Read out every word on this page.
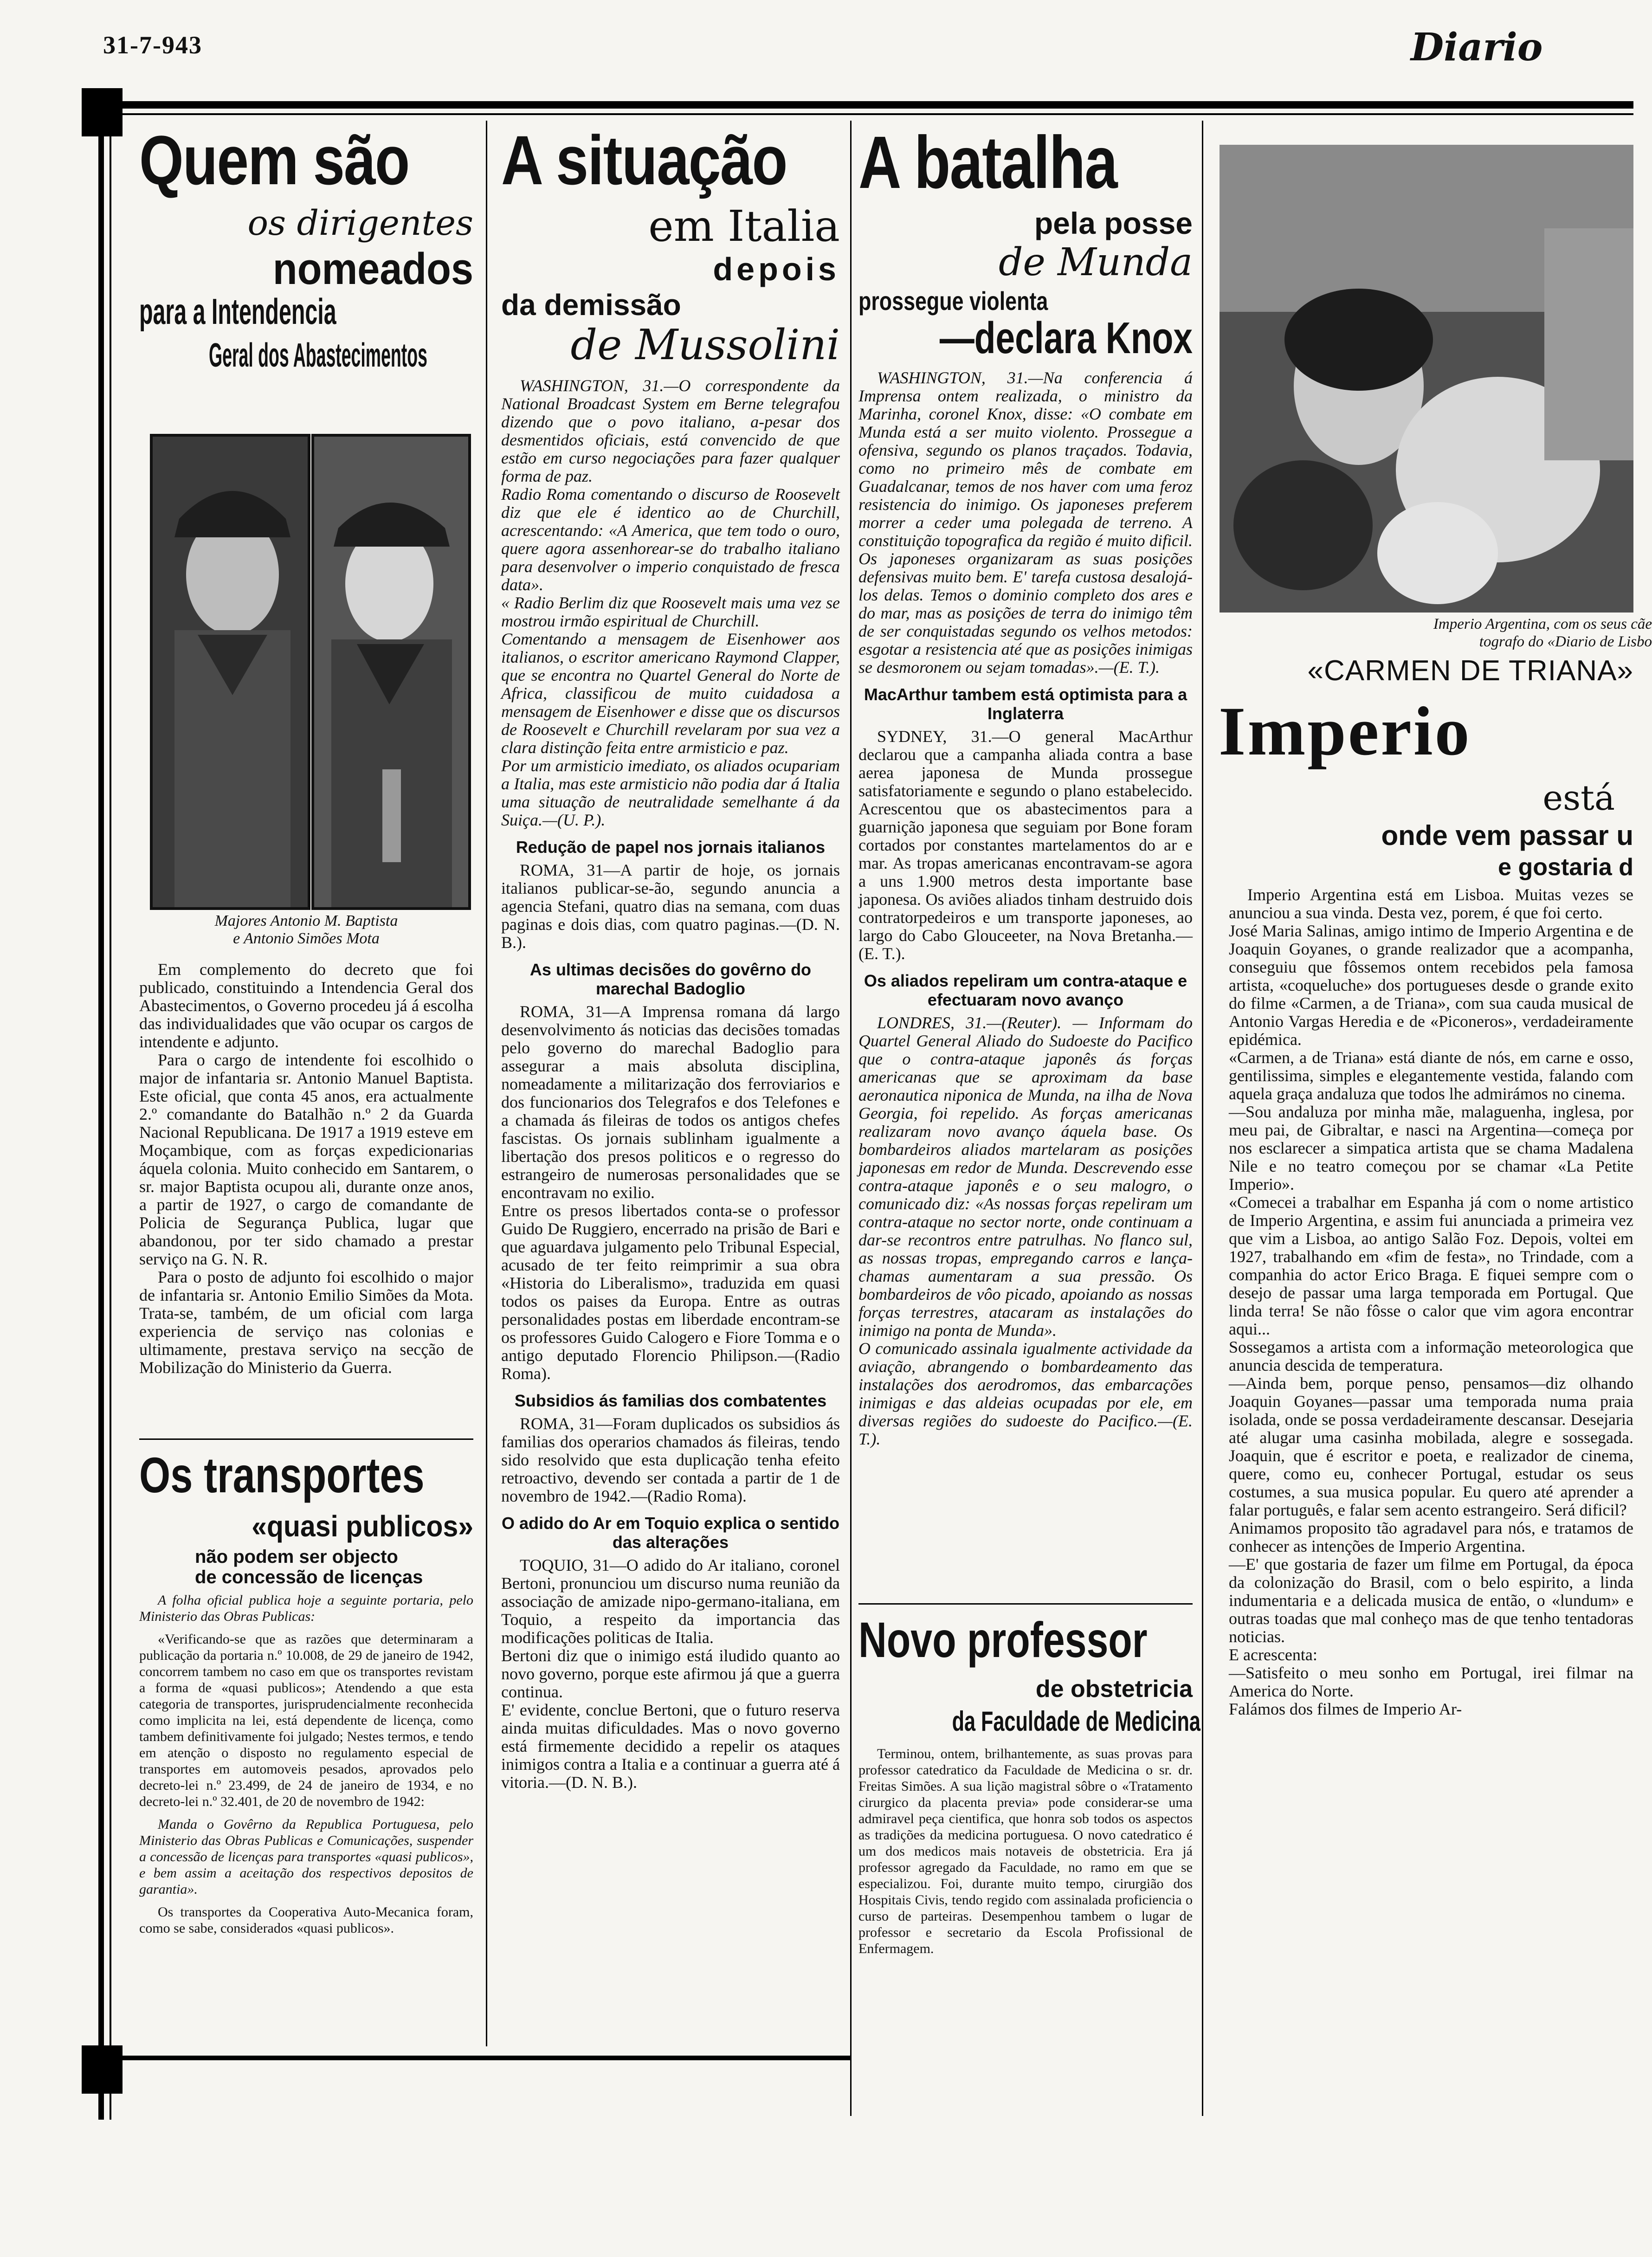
31-7-943	Diario
Quem são
os dirigentes
nomeados
para a Intendencia
Geral dos Abastecimentos
Majores Antonio M. Baptista
e Antonio Simões Mota

Em complemento do decreto que foi publicado, constituindo a Intendencia Geral dos Abastecimentos, o Governo procedeu já á escolha das individualidades que vão ocupar os cargos de intendente e adjunto.

Para o cargo de intendente foi escolhido o major de infantaria sr. Antonio Manuel Baptista. Este oficial, que conta 45 anos, era actualmente 2.º comandante do Batalhão n.º 2 da Guarda Nacional Republicana. De 1917 a 1919 esteve em Moçambique, com as forças expedicionarias áquela colonia. Muito conhecido em Santarem, o sr. major Baptista ocupou ali, durante onze anos, a partir de 1927, o cargo de comandante de Policia de Segurança Publica, lugar que abandonou, por ter sido chamado a prestar serviço na G. N. R.

Para o posto de adjunto foi escolhido o major de infantaria sr. Antonio Emilio Simões da Mota. Trata-se, também, de um oficial com larga experiencia de serviço nas colonias e ultimamente, prestava serviço na secção de Mobilização do Ministerio da Guerra.

Os transportes
«quasi publicos»
não podem ser objecto
de concessão de licenças

A folha oficial publica hoje a seguinte portaria, pelo Ministerio das Obras Publicas:

«Verificando-se que as razões que determinaram a publicação da portaria n.º 10.008, de 29 de janeiro de 1942, concorrem tambem no caso em que os transportes revistam a forma de «quasi publicos»; Atendendo a que esta categoria de transportes, jurisprudencialmente reconhecida como implicita na lei, está dependente de licença, como tambem definitivamente foi julgado; Nestes termos, e tendo em atenção o disposto no regulamento especial de transportes em automoveis pesados, aprovados pelo decreto-lei n.º 23.499, de 24 de janeiro de 1934, e no decreto-lei n.º 32.401, de 20 de novembro de 1942:

Manda o Govêrno da Republica Portuguesa, pelo Ministerio das Obras Publicas e Comunicações, suspender a concessão de licenças para transportes «quasi publicos», e bem assim a aceitação dos respectivos depositos de garantia».

Os transportes da Cooperativa Auto-Mecanica foram, como se sabe, considerados «quasi publicos».

A situação
em Italia
depois
da demissão
de Mussolini

WASHINGTON, 31.—O correspondente da National Broadcast System em Berne telegrafou dizendo que o povo italiano, a-pesar dos desmentidos oficiais, está convencido de que estão em curso negociações para fazer qualquer forma de paz.
Radio Roma comentando o discurso de Roosevelt diz que ele é identico ao de Churchill, acrescentando: «A America, que tem todo o ouro, quere agora assenhorear-se do trabalho italiano para desenvolver o imperio conquistado de fresca data».
« Radio Berlim diz que Roosevelt mais uma vez se mostrou irmão espiritual de Churchill.
Comentando a mensagem de Eisenhower aos italianos, o escritor americano Raymond Clapper, que se encontra no Quartel General do Norte de Africa, classificou de muito cuidadosa a mensagem de Eisenhower e disse que os discursos de Roosevelt e Churchill revelaram por sua vez a clara distinção feita entre armisticio e paz.
Por um armisticio imediato, os aliados ocupariam a Italia, mas este armisticio não podia dar á Italia uma situação de neutralidade semelhante á da Suiça.—(U. P.).

Redução de papel nos jornais italianos

ROMA, 31—A partir de hoje, os jornais italianos publicar-se-ão, segundo anuncia a agencia Stefani, quatro dias na semana, com duas paginas e dois dias, com quatro paginas.—(D. N. B.).

As ultimas decisões do govêrno do marechal Badoglio

ROMA, 31—A Imprensa romana dá largo desenvolvimento ás noticias das decisões tomadas pelo governo do marechal Badoglio para assegurar a mais absoluta disciplina, nomeadamente a militarização dos ferroviarios e dos funcionarios dos Telegrafos e dos Telefones e a chamada ás fileiras de todos os antigos chefes fascistas. Os jornais sublinham igualmente a libertação dos presos politicos e o regresso do estrangeiro de numerosas personalidades que se encontravam no exilio.
Entre os presos libertados conta-se o professor Guido De Ruggiero, encerrado na prisão de Bari e que aguardava julgamento pelo Tribunal Especial, acusado de ter feito reimprimir a sua obra «Historia do Liberalismo», traduzida em quasi todos os paises da Europa. Entre as outras personalidades postas em liberdade encontram-se os professores Guido Calogero e Fiore Tomma e o antigo deputado Florencio Philipson.—(Radio Roma).

Subsidios ás familias dos combatentes

ROMA, 31—Foram duplicados os subsidios ás familias dos operarios chamados ás fileiras, tendo sido resolvido que esta duplicação tenha efeito retroactivo, devendo ser contada a partir de 1 de novembro de 1942.—(Radio Roma).

O adido do Ar em Toquio explica o sentido das alterações

TOQUIO, 31—O adido do Ar italiano, coronel Bertoni, pronunciou um discurso numa reunião da associação de amizade nipo-germano-italiana, em Toquio, a respeito da importancia das modificações politicas de Italia.
Bertoni diz que o inimigo está iludido quanto ao novo governo, porque este afirmou já que a guerra continua.
E' evidente, conclue Bertoni, que o futuro reserva ainda muitas dificuldades. Mas o novo governo está firmemente decidido a repelir os ataques inimigos contra a Italia e a continuar a guerra até á vitoria.—(D. N. B.).

A batalha
pela posse
de Munda
prossegue violenta
—declara Knox

WASHINGTON, 31.—Na conferencia á Imprensa ontem realizada, o ministro da Marinha, coronel Knox, disse: «O combate em Munda está a ser muito violento. Prossegue a ofensiva, segundo os planos traçados. Todavia, como no primeiro mês de combate em Guadalcanar, temos de nos haver com uma feroz resistencia do inimigo. Os japoneses preferem morrer a ceder uma polegada de terreno. A constituição topografica da região é muito dificil. Os japoneses organizaram as suas posições defensivas muito bem. E' tarefa custosa desalojá-los delas. Temos o dominio completo dos ares e do mar, mas as posições de terra do inimigo têm de ser conquistadas segundo os velhos metodos: esgotar a resistencia até que as posições inimigas se desmoronem ou sejam tomadas».—(E. T.).

MacArthur tambem está optimista para a Inglaterra

SYDNEY, 31.—O general MacArthur declarou que a campanha aliada contra a base aerea japonesa de Munda prossegue satisfatoriamente e segundo o plano estabelecido. Acrescentou que os abastecimentos para a guarnição japonesa que seguiam por Bone foram cortados por constantes martelamentos do ar e mar. As tropas americanas encontravam-se agora a uns 1.900 metros desta importante base japonesa. Os aviões aliados tinham destruido dois contratorpedeiros e um transporte japoneses, ao largo do Cabo Glouceeter, na Nova Bretanha.—(E. T.).

Os aliados repeliram um contra-ataque e efectuaram novo avanço

LONDRES, 31.—(Reuter). — Informam do Quartel General Aliado do Sudoeste do Pacifico que o contra-ataque japonês ás forças americanas que se aproximam da base aeronautica niponica de Munda, na ilha de Nova Georgia, foi repelido. As forças americanas realizaram novo avanço áquela base. Os bombardeiros aliados martelaram as posições japonesas em redor de Munda. Descrevendo esse contra-ataque japonês e o seu malogro, o comunicado diz: «As nossas forças repeliram um contra-ataque no sector norte, onde continuam a dar-se recontros entre patrulhas. No flanco sul, as nossas tropas, empregando carros e lança-chamas aumentaram a sua pressão. Os bombardeiros de vôo picado, apoiando as nossas forças terrestres, atacaram as instalações do inimigo na ponta de Munda».
O comunicado assinala igualmente actividade da aviação, abrangendo o bombardeamento das instalações dos aerodromos, das embarcações inimigas e das aldeias ocupadas por ele, em diversas regiões do sudoeste do Pacifico.—(E. T.).

Novo professor
de obstetricia
da Faculdade de Medicina

Terminou, ontem, brilhantemente, as suas provas para professor catedratico da Faculdade de Medicina o sr. dr. Freitas Simões. A sua lição magistral sôbre o «Tratamento cirurgico da placenta previa» pode considerar-se uma admiravel peça cientifica, que honra sob todos os aspectos as tradições da medicina portuguesa. O novo catedratico é um dos medicos mais notaveis de obstetricia. Era já professor agregado da Faculdade, no ramo em que se especializou. Foi, durante muito tempo, cirurgião dos Hospitais Civis, tendo regido com assinalada proficiencia o curso de parteiras. Desempenhou tambem o lugar de professor e secretario da Escola Profissional de Enfermagem.

Imperio Argentina, com os seus cãe
tografo do «Diario de Lisbo
«CARMEN DE TRIANA»
Imperio
está
onde vem passar u
e gostaria d

Imperio Argentina está em Lisboa. Muitas vezes se anunciou a sua vinda. Desta vez, porem, é que foi certo.
José Maria Salinas, amigo intimo de Imperio Argentina e de Joaquin Goyanes, o grande realizador que a acompanha, conseguiu que fôssemos ontem recebidos pela famosa artista, «coqueluche» dos portugueses desde o grande exito do filme «Carmen, a de Triana», com sua cauda musical de Antonio Vargas Heredia e de «Piconeros», verdadeiramente epidémica.
«Carmen, a de Triana» está diante de nós, em carne e osso, gentilissima, simples e elegantemente vestida, falando com aquela graça andaluza que todos lhe admirámos no cinema.
—Sou andaluza por minha mãe, malaguenha, inglesa, por meu pai, de Gibraltar, e nasci na Argentina—começa por nos esclarecer a simpatica artista que se chama Madalena Nile e no teatro começou por se chamar «La Petite Imperio».
«Comecei a trabalhar em Espanha já com o nome artistico de Imperio Argentina, e assim fui anunciada a primeira vez que vim a Lisboa, ao antigo Salão Foz. Depois, voltei em 1927, trabalhando em «fim de festa», no Trindade, com a companhia do actor Erico Braga. E fiquei sempre com o desejo de passar uma larga temporada em Portugal. Que linda terra! Se não fôsse o calor que vim agora encontrar aqui...
Sossegamos a artista com a informação meteorologica que anuncia descida de temperatura.
—Ainda bem, porque penso, pensamos—diz olhando Joaquin Goyanes—passar uma temporada numa praia isolada, onde se possa verdadeiramente descansar. Desejaria até alugar uma casinha mobilada, alegre e sossegada. Joaquin, que é escritor e poeta, e realizador de cinema, quere, como eu, conhecer Portugal, estudar os seus costumes, a sua musica popular. Eu quero até aprender a falar português, e falar sem acento estrangeiro. Será dificil?
Animamos proposito tão agradavel para nós, e tratamos de conhecer as intenções de Imperio Argentina.
—E' que gostaria de fazer um filme em Portugal, da época da colonização do Brasil, com o belo espirito, a linda indumentaria e a delicada musica de então, o «lundum» e outras toadas que mal conheço mas de que tenho tentadoras noticias.
E acrescenta:
—Satisfeito o meu sonho em Portugal, irei filmar na America do Norte.
Falámos dos filmes de Imperio Ar-
